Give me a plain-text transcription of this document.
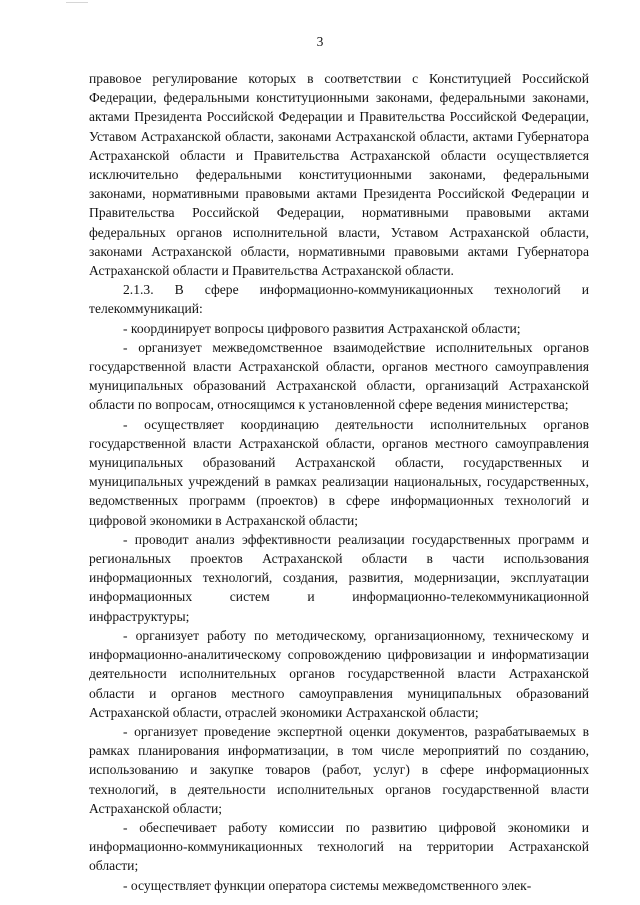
3

правовое регулирование которых в соответствии с Конституцией Российской Федерации, федеральными конституционными законами, федеральными законами, актами Президента Российской Федерации и Правительства Российской Федерации, Уставом Астраханской области, законами Астраханской области, актами Губернатора Астраханской области и Правительства Астраханской области осуществляется исключительно федеральными конституционными законами, федеральными законами, нормативными правовыми актами Президента Российской Федерации и Правительства Российской Федерации, нормативными правовыми актами федеральных органов исполнительной власти, Уставом Астраханской области, законами Астраханской области, нормативными правовыми актами Губернатора Астраханской области и Правительства Астраханской области.

2.1.3. В сфере информационно-коммуникационных технологий и телекоммуникаций:

- координирует вопросы цифрового развития Астраханской области;

- организует межведомственное взаимодействие исполнительных органов государственной власти Астраханской области, органов местного самоуправления муниципальных образований Астраханской области, организаций Астраханской области по вопросам, относящимся к установленной сфере ведения министерства;

- осуществляет координацию деятельности исполнительных органов государственной власти Астраханской области, органов местного самоуправления муниципальных образований Астраханской области, государственных и муниципальных учреждений в рамках реализации национальных, государственных, ведомственных программ (проектов) в сфере информационных технологий и цифровой экономики в Астраханской области;

- проводит анализ эффективности реализации государственных программ и региональных проектов Астраханской области в части использования информационных технологий, создания, развития, модернизации, эксплуатации информационных систем и информационно-телекоммуникационной инфраструктуры;

- организует работу по методическому, организационному, техническому и информационно-аналитическому сопровождению цифровизации и информатизации деятельности исполнительных органов государственной власти Астраханской области и органов местного самоуправления муниципальных образований Астраханской области, отраслей экономики Астраханской области;

- организует проведение экспертной оценки документов, разрабатываемых в рамках планирования информатизации, в том числе мероприятий по созданию, использованию и закупке товаров (работ, услуг) в сфере информационных технологий, в деятельности исполнительных органов государственной власти Астраханской области;

- обеспечивает работу комиссии по развитию цифровой экономики и информационно-коммуникационных технологий на территории Астраханской области;

- осуществляет функции оператора системы межведомственного элек-
